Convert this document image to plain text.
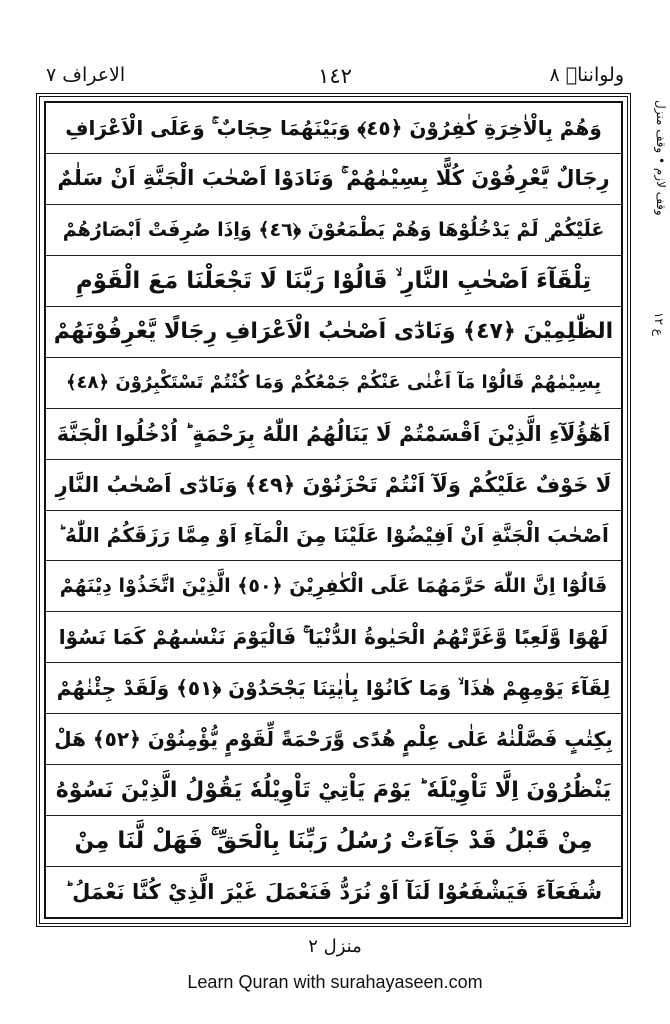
الاعراف ٧	١٤٢	ولوانناٛ ٨
وَهُمْ بِالْاٰخِرَةِ كٰفِرُوْنَ ﴿٤٥﴾ وَبَيْنَهُمَا حِجَابٌ ۚ وَعَلَى الْاَعْرَافِ
رِجَالٌ يَّعْرِفُوْنَ كُلًّا بِسِيْمٰهُمْ ۚ وَنَادَوْا اَصْحٰبَ الْجَنَّةِ اَنْ سَلٰمٌ
عَلَيْكُمْ ۣ لَمْ يَدْخُلُوْهَا وَهُمْ يَطْمَعُوْنَ ﴿٤٦﴾ وَاِذَا صُرِفَتْ اَبْصَارُهُمْ
تِلْقَآءَ اَصْحٰبِ النَّارِ ۙ قَالُوْا رَبَّنَا لَا تَجْعَلْنَا مَعَ الْقَوْمِ
الظّٰلِمِيْنَ ﴿٤٧﴾ وَنَادٰٓى اَصْحٰبُ الْاَعْرَافِ رِجَالًا يَّعْرِفُوْنَهُمْ
بِسِيْمٰهُمْ قَالُوْا مَآ اَغْنٰى عَنْكُمْ جَمْعُكُمْ وَمَا كُنْتُمْ تَسْتَكْبِرُوْنَ ﴿٤٨﴾
اَهٰٓؤُلَآءِ الَّذِيْنَ اَقْسَمْتُمْ لَا يَنَالُهُمُ اللّٰهُ بِرَحْمَةٍ ؕ اُدْخُلُوا الْجَنَّةَ
لَا خَوْفٌ عَلَيْكُمْ وَلَآ اَنْتُمْ تَحْزَنُوْنَ ﴿٤٩﴾ وَنَادٰٓى اَصْحٰبُ النَّارِ
اَصْحٰبَ الْجَنَّةِ اَنْ اَفِيْضُوْا عَلَيْنَا مِنَ الْمَآءِ اَوْ مِمَّا رَزَقَكُمُ اللّٰهُ ؕ
قَالُوْٓا اِنَّ اللّٰهَ حَرَّمَهُمَا عَلَى الْكٰفِرِيْنَ ﴿٥٠﴾ الَّذِيْنَ اتَّخَذُوْا دِيْنَهُمْ
لَهْوًا وَّلَعِبًا وَّغَرَّتْهُمُ الْحَيٰوةُ الدُّنْيَا ۚ فَالْيَوْمَ نَنْسٰىهُمْ كَمَا نَسُوْا
لِقَآءَ يَوْمِهِمْ هٰذَا ۙ وَمَا كَانُوْا بِاٰيٰتِنَا يَجْحَدُوْنَ ﴿٥١﴾ وَلَقَدْ جِئْنٰهُمْ
بِكِتٰبٍ فَصَّلْنٰهُ عَلٰى عِلْمٍ هُدًى وَّرَحْمَةً لِّقَوْمٍ يُّؤْمِنُوْنَ ﴿٥٢﴾ هَلْ
يَنْظُرُوْنَ اِلَّا تَاْوِيْلَهٗ ؕ يَوْمَ يَاْتِيْ تَاْوِيْلُهٗ يَقُوْلُ الَّذِيْنَ نَسُوْهُ
مِنْ قَبْلُ قَدْ جَآءَتْ رُسُلُ رَبِّنَا بِالْحَقِّ ۚ فَهَلْ لَّنَا مِنْ
شُفَعَآءَ فَيَشْفَعُوْا لَنَآ اَوْ نُرَدُّ فَنَعْمَلَ غَيْرَ الَّذِيْ كُنَّا نَعْمَلُ ؕ
وقف لازم • وقف منزل
ع ١٢
منزل ٢
Learn Quran with surahayaseen.com
